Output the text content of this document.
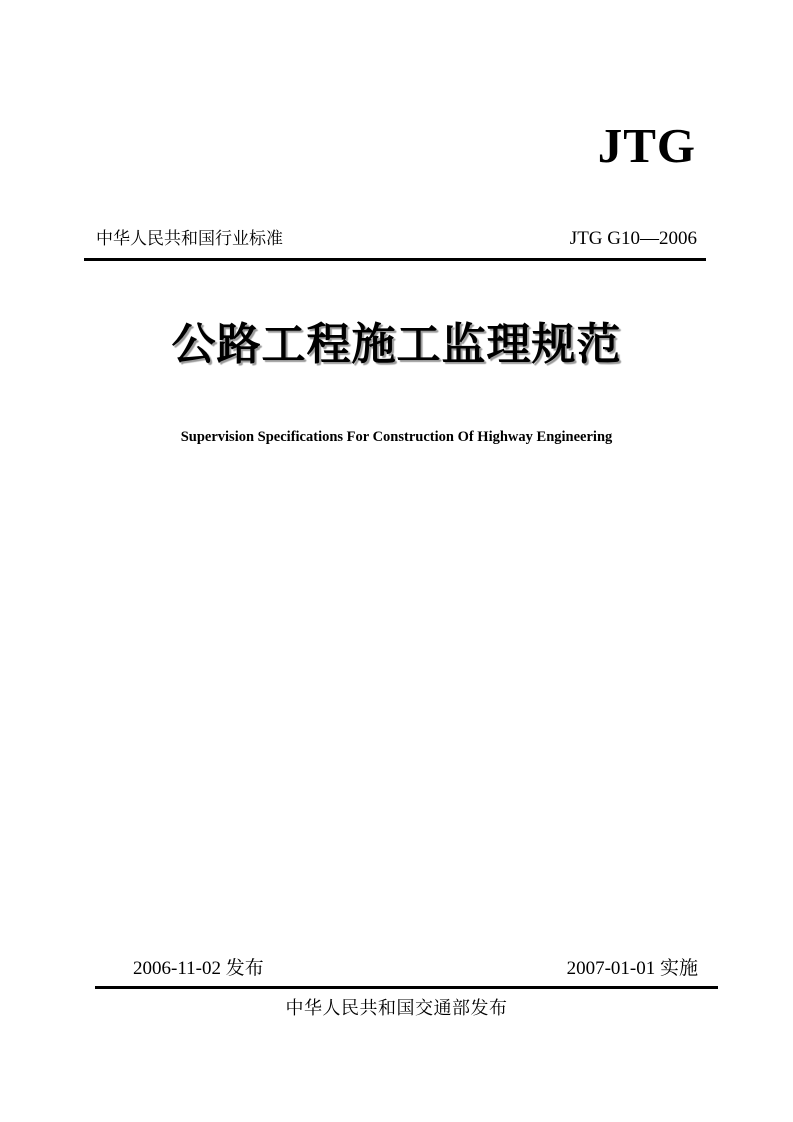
JTG
中华人民共和国行业标准	JTG G10—2006
公路工程施工监理规范
Supervision Specifications For Construction Of Highway Engineering
2006-11-02 发布	2007-01-01 实施
中华人民共和国交通部发布
